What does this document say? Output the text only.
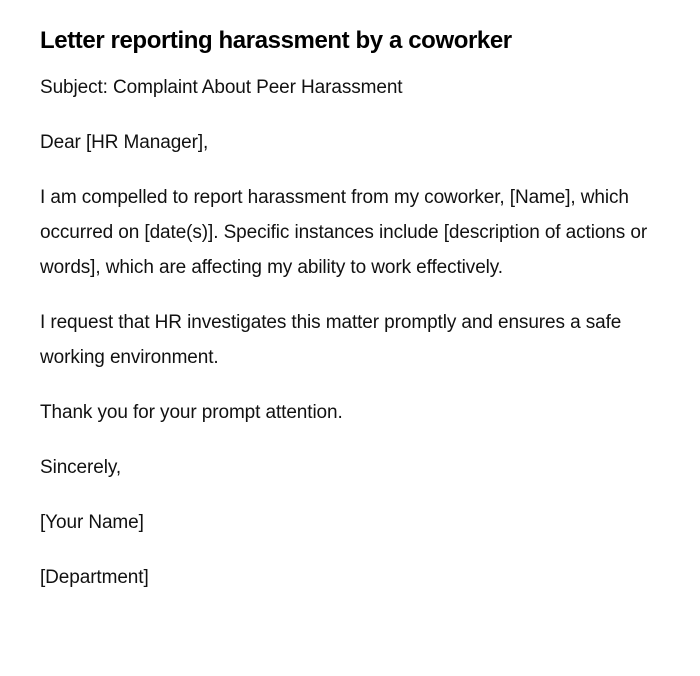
Letter reporting harassment by a coworker

Subject: Complaint About Peer Harassment

Dear [HR Manager],

I am compelled to report harassment from my coworker, [Name], which occurred on [date(s)]. Specific instances include [description of actions or words], which are affecting my ability to work effectively.

I request that HR investigates this matter promptly and ensures a safe working environment.

Thank you for your prompt attention.

Sincerely,

[Your Name]

[Department]
